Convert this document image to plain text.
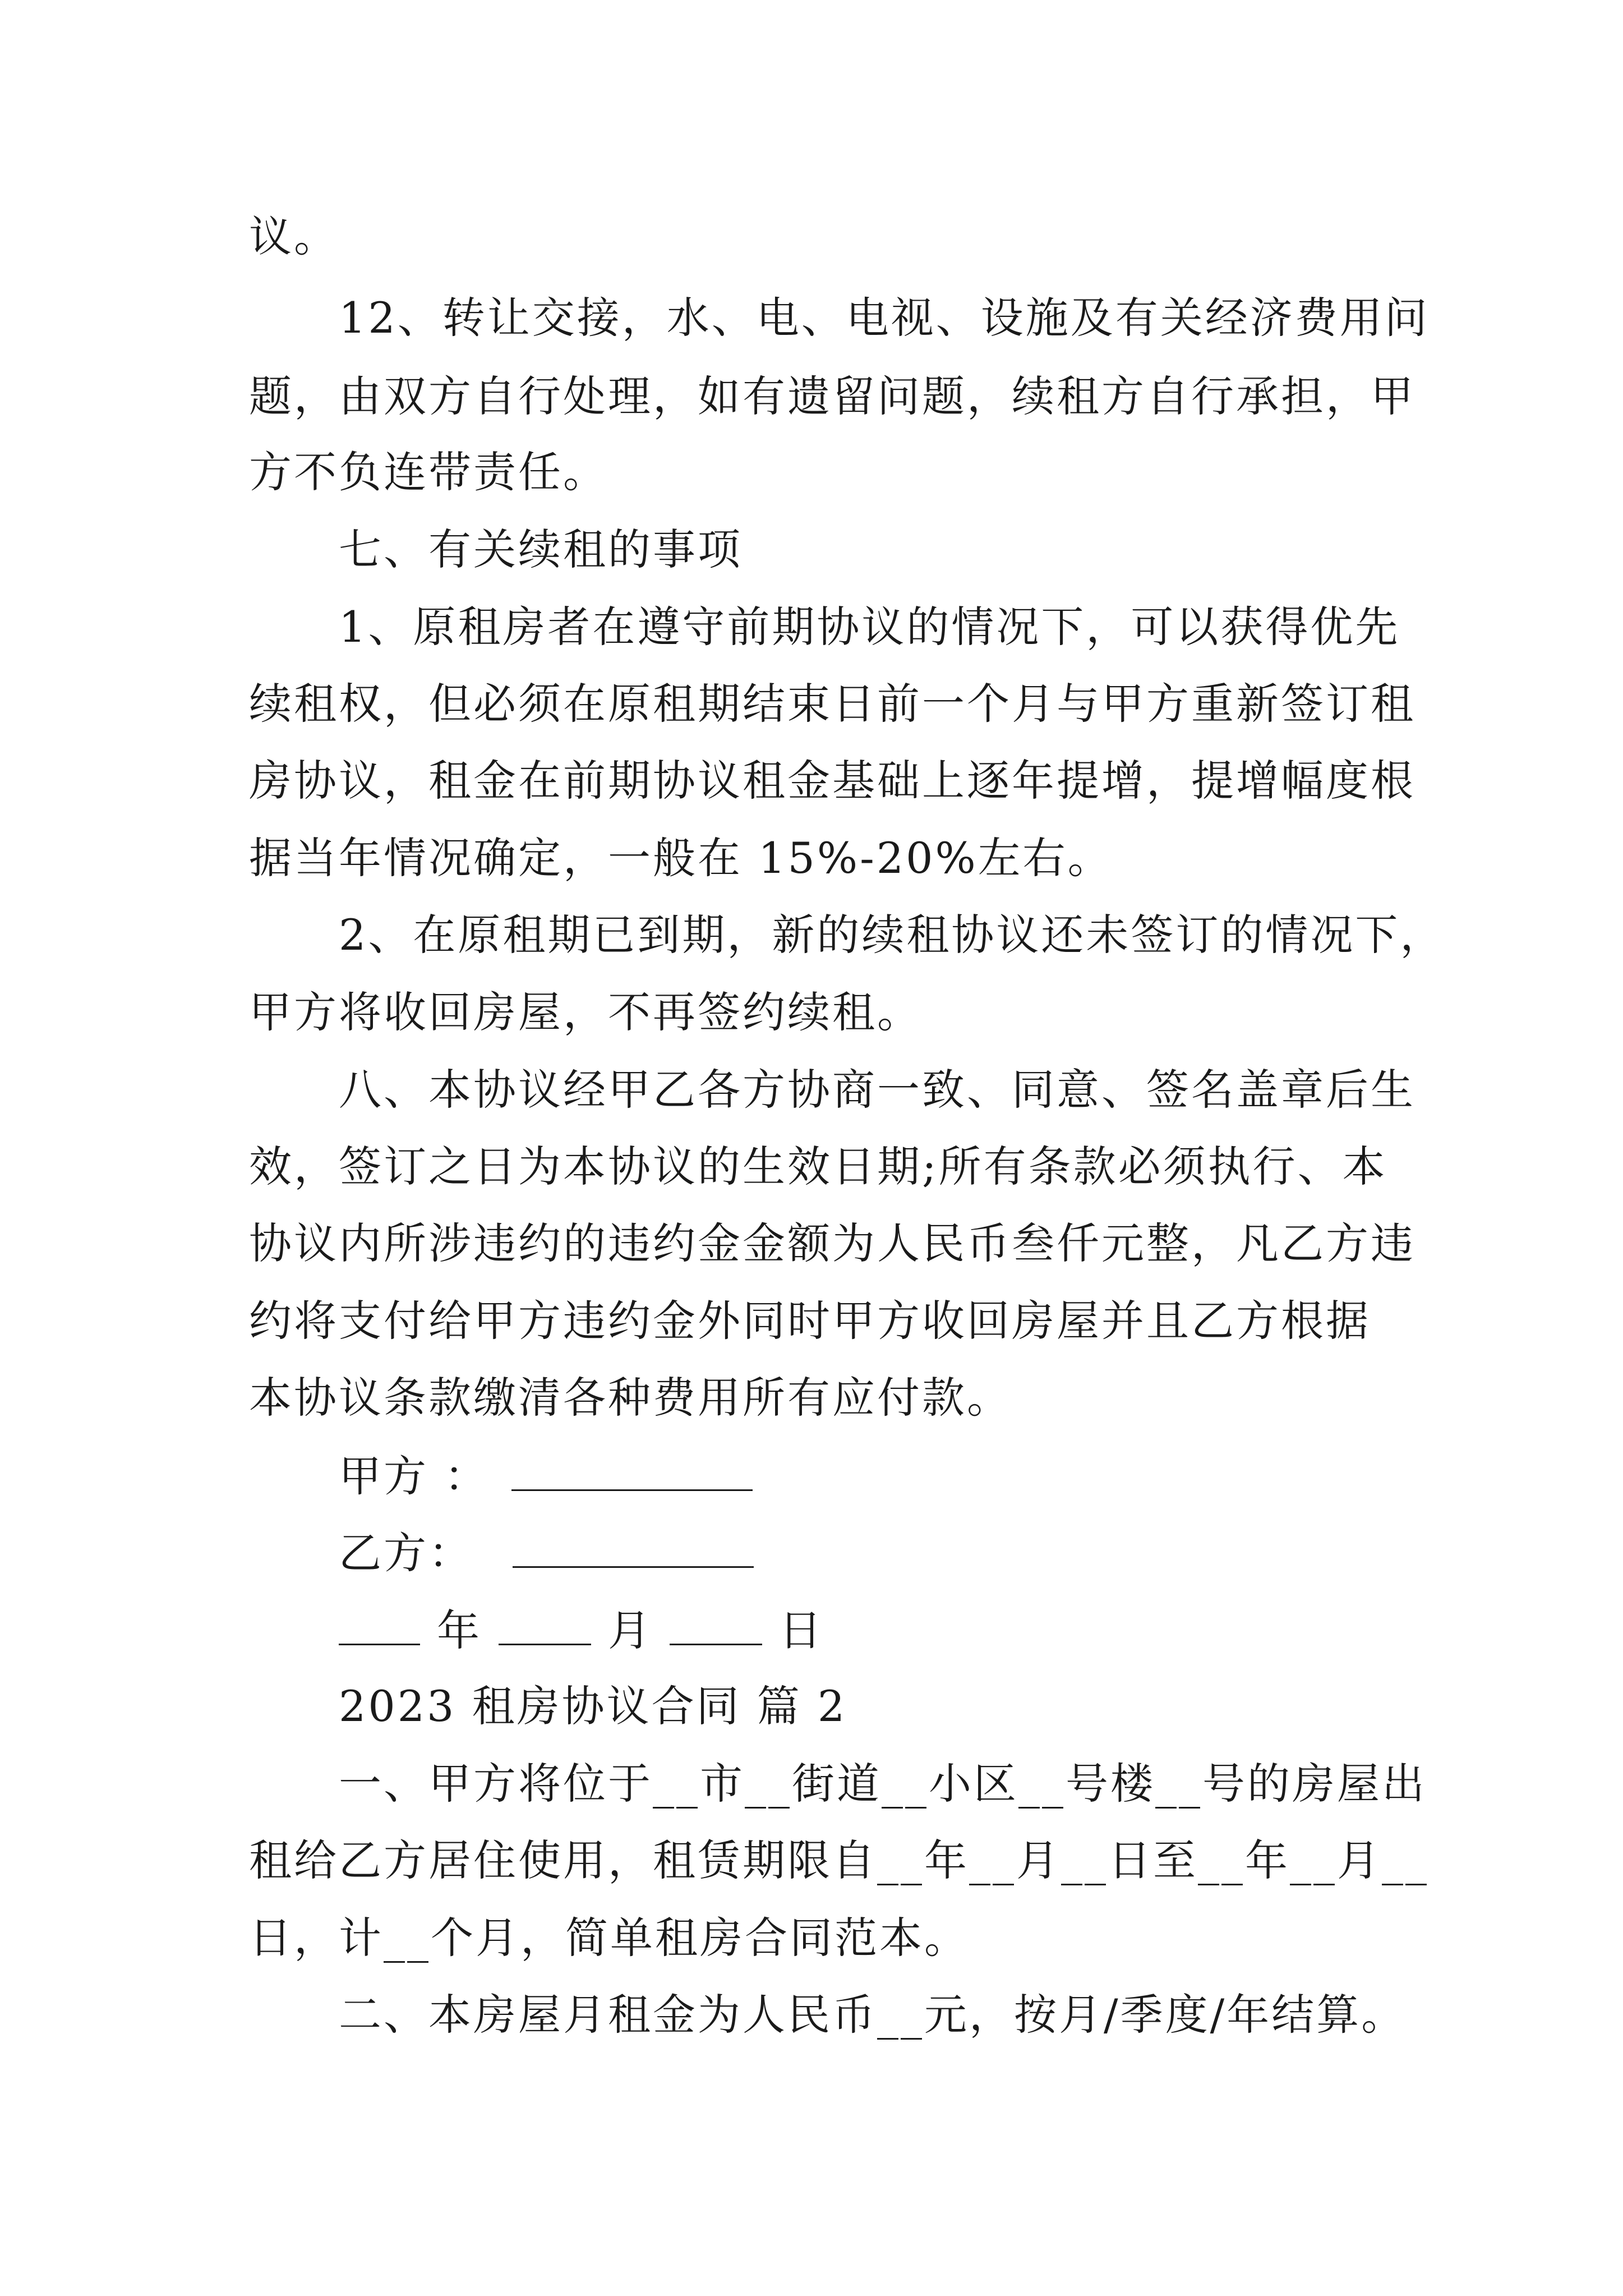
议。
12、转让交接，水、电、电视、设施及有关经济费用问
题，由双方自行处理，如有遗留问题，续租方自行承担，甲
方不负连带责任。
七、有关续租的事项
1、原租房者在遵守前期协议的情况下，可以获得优先
续租权，但必须在原租期结束日前一个月与甲方重新签订租
房协议，租金在前期协议租金基础上逐年提增，提增幅度根
据当年情况确定，一般在 15%-20%左右。
2、在原租期已到期，新的续租协议还未签订的情况下，
甲方将收回房屋，不再签约续租。
八、本协议经甲乙各方协商一致、同意、签名盖章后生
效，签订之日为本协议的生效日期;所有条款必须执行、本
协议内所涉违约的违约金金额为人民币叁仟元整，凡乙方违
约将支付给甲方违约金外同时甲方收回房屋并且乙方根据
本协议条款缴清各种费用所有应付款。
甲方 ：
乙方：
年	月	日
2023 租房协议合同 篇 2
一、甲方将位于__市__街道__小区__号楼__号的房屋出
租给乙方居住使用，租赁期限自__年__月__日至__年__月__
日，计__个月，简单租房合同范本。
二、本房屋月租金为人民币__元，按月/季度/年结算。
